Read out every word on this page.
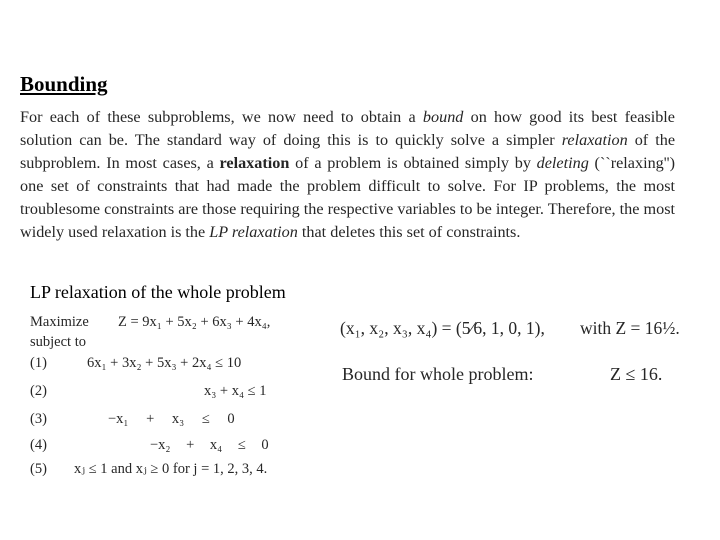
Bounding
For each of these subproblems, we now need to obtain a bound on how good its best feasible solution can be. The standard way of doing this is to quickly solve a simpler relaxation of the subproblem. In most cases, a relaxation of a problem is obtained simply by deleting (``relaxing'') one set of constraints that had made the problem difficult to solve. For IP problems, the most troublesome constraints are those requiring the respective variables to be integer. Therefore, the most widely used relaxation is the LP relaxation that deletes this set of constraints.
LP relaxation of the whole problem
Maximize Z = 9x₁ + 5x₂ + 6x₃ + 4x₄,
subject to
(1)	6x₁ + 3x₂ + 5x₃ + 2x₄ ≤ 10
(2)	x₃ + x₄ ≤ 1
(3)	−x₁ + x₃ ≤ 0
(4)	−x₂ + x₄ ≤ 0
(5) xⱼ ≤ 1 and xⱼ ≥ 0 for j = 1, 2, 3, 4.
(x₁, x₂, x₃, x₄) = (5⁄6, 1, 0, 1), with Z = 16½.
Bound for whole problem:	Z ≤ 16.
